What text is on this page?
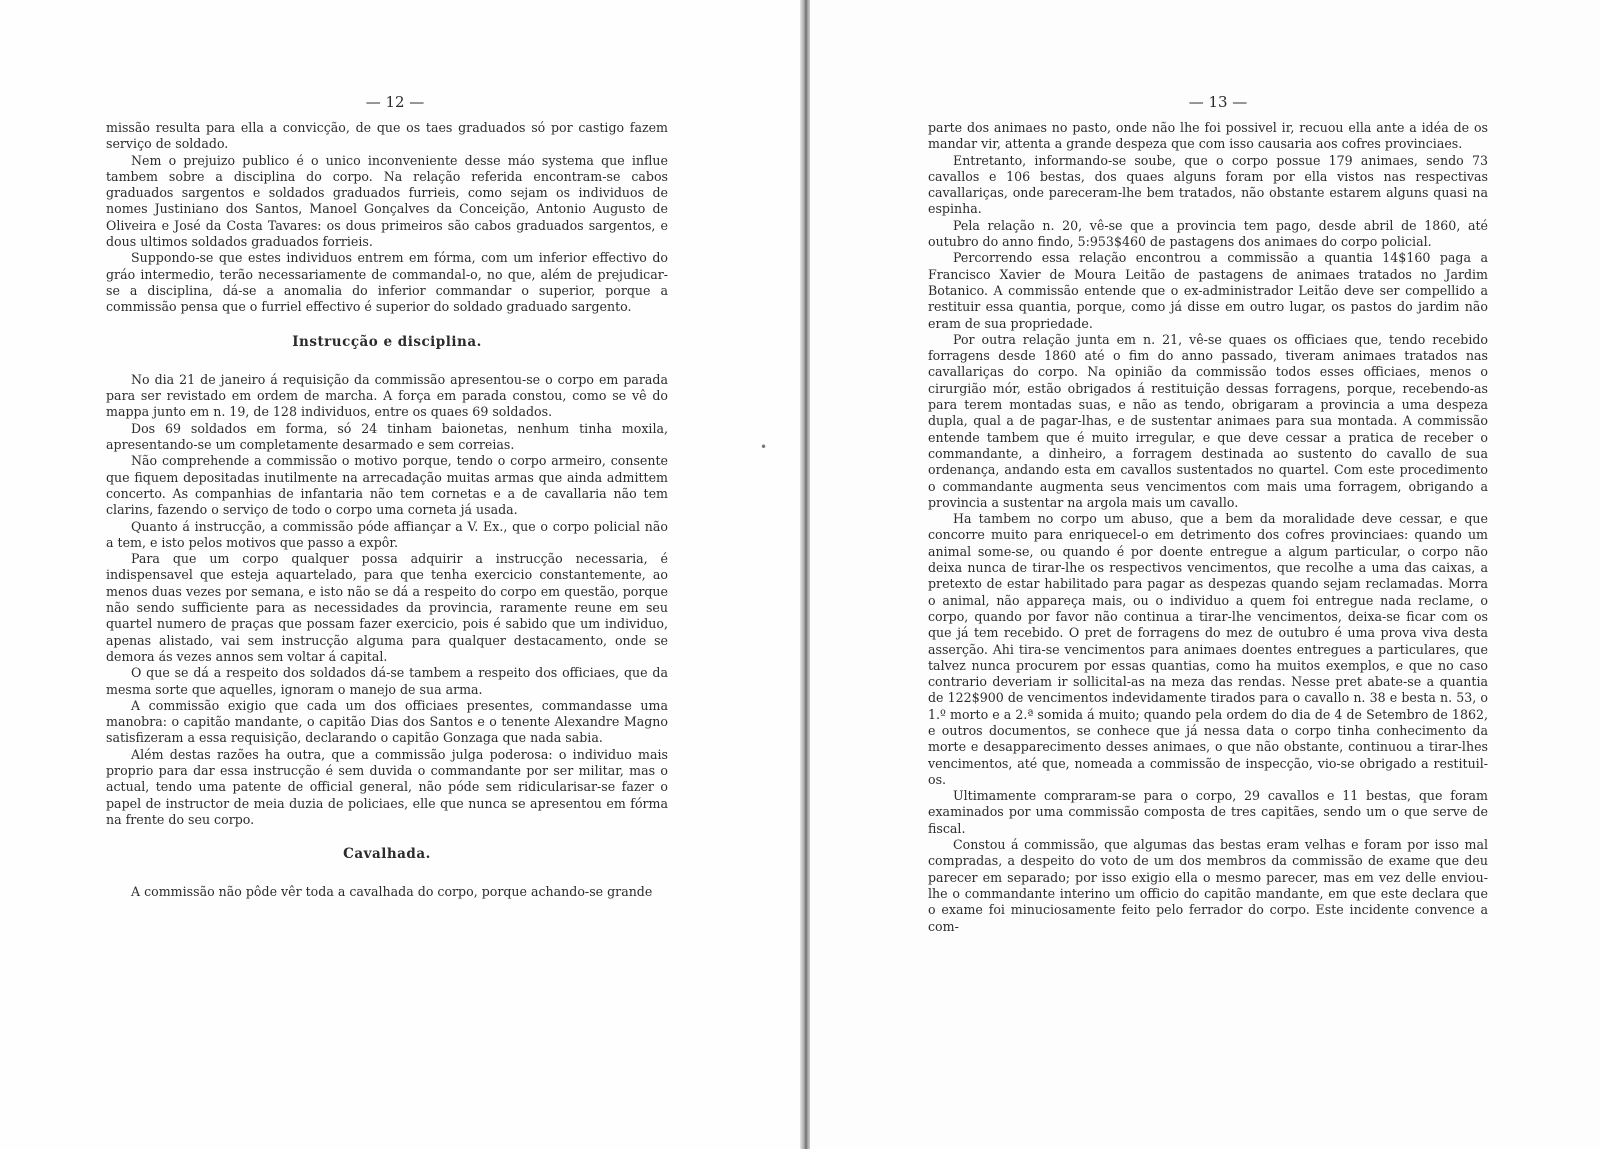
— 12 —

missão resulta para ella a convicção, de que os taes graduados só por castigo fazem serviço de soldado.

Nem o prejuizo publico é o unico inconveniente desse máo systema que influe tambem sobre a disciplina do corpo. Na relação referida encontram-se cabos graduados sargentos e soldados graduados furrieis, como sejam os individuos de nomes Justiniano dos Santos, Manoel Gonçalves da Conceição, Antonio Augusto de Oliveira e José da Costa Tavares: os dous primeiros são cabos graduados sargentos, e dous ultimos soldados graduados forrieis.

Suppondo-se que estes individuos entrem em fórma, com um inferior effectivo do gráo intermedio, terão necessariamente de commandal-o, no que, além de prejudicar-se a disciplina, dá-se a anomalia do inferior commandar o superior, porque a commissão pensa que o furriel effectivo é superior do soldado graduado sargento.

Instrucção e disciplina.

No dia 21 de janeiro á requisição da commissão apresentou-se o corpo em parada para ser revistado em ordem de marcha. A força em parada constou, como se vê do mappa junto em n. 19, de 128 individuos, entre os quaes 69 soldados.

Dos 69 soldados em forma, só 24 tinham baionetas, nenhum tinha moxila, apresentando-se um completamente desarmado e sem correias.

Não comprehende a commissão o motivo porque, tendo o corpo armeiro, consente que fiquem depositadas inutilmente na arrecadação muitas armas que ainda admittem concerto. As companhias de infantaria não tem cornetas e a de cavallaria não tem clarins, fazendo o serviço de todo o corpo uma corneta já usada.

Quanto á instrucção, a commissão póde affiançar a V. Ex., que o corpo policial não a tem, e isto pelos motivos que passo a expôr.

Para que um corpo qualquer possa adquirir a instrucção necessaria, é indispensavel que esteja aquartelado, para que tenha exercicio constantemente, ao menos duas vezes por semana, e isto não se dá a respeito do corpo em questão, porque não sendo sufficiente para as necessidades da provincia, raramente reune em seu quartel numero de praças que possam fazer exercicio, pois é sabido que um individuo, apenas alistado, vai sem instrucção alguma para qualquer destacamento, onde se demora ás vezes annos sem voltar á capital.

O que se dá a respeito dos soldados dá-se tambem a respeito dos officiaes, que da mesma sorte que aquelles, ignoram o manejo de sua arma.

A commissão exigio que cada um dos officiaes presentes, commandasse uma manobra: o capitão mandante, o capitão Dias dos Santos e o tenente Alexandre Magno satisfizeram a essa requisição, declarando o capitão Gonzaga que nada sabia.

Além destas razões ha outra, que a commissão julga poderosa: o individuo mais proprio para dar essa instrucção é sem duvida o commandante por ser militar, mas o actual, tendo uma patente de official general, não póde sem ridicularisar-se fazer o papel de instructor de meia duzia de policiaes, elle que nunca se apresentou em fórma na frente do seu corpo.

Cavalhada.

A commissão não pôde vêr toda a cavalhada do corpo, porque achando-se grande

•
— 13 —

parte dos animaes no pasto, onde não lhe foi possivel ir, recuou ella ante a idéa de os mandar vir, attenta a grande despeza que com isso causaria aos cofres provinciaes.

Entretanto, informando-se soube, que o corpo possue 179 animaes, sendo 73 cavallos e 106 bestas, dos quaes alguns foram por ella vistos nas respectivas cavallariças, onde pareceram-lhe bem tratados, não obstante estarem alguns quasi na espinha.

Pela relação n. 20, vê-se que a provincia tem pago, desde abril de 1860, até outubro do anno findo, 5:953$460 de pastagens dos animaes do corpo policial.

Percorrendo essa relação encontrou a commissão a quantia 14$160 paga a Francisco Xavier de Moura Leitão de pastagens de animaes tratados no Jardim Botanico. A commissão entende que o ex-administrador Leitão deve ser compellido a restituir essa quantia, porque, como já disse em outro lugar, os pastos do jardim não eram de sua propriedade.

Por outra relação junta em n. 21, vê-se quaes os officiaes que, tendo recebido forragens desde 1860 até o fim do anno passado, tiveram animaes tratados nas cavallariças do corpo. Na opinião da commissão todos esses officiaes, menos o cirurgião mór, estão obrigados á restituição dessas forragens, porque, recebendo-as para terem montadas suas, e não as tendo, obrigaram a provincia a uma despeza dupla, qual a de pagar-lhas, e de sustentar animaes para sua montada. A commissão entende tambem que é muito irregular, e que deve cessar a pratica de receber o commandante, a dinheiro, a forragem destinada ao sustento do cavallo de sua ordenança, andando esta em cavallos sustentados no quartel. Com este procedimento o commandante augmenta seus vencimentos com mais uma forragem, obrigando a provincia a sustentar na argola mais um cavallo.

Ha tambem no corpo um abuso, que a bem da moralidade deve cessar, e que concorre muito para enriquecel-o em detrimento dos cofres provinciaes: quando um animal some-se, ou quando é por doente entregue a algum particular, o corpo não deixa nunca de tirar-lhe os respectivos vencimentos, que recolhe a uma das caixas, a pretexto de estar habilitado para pagar as despezas quando sejam reclamadas. Morra o animal, não appareça mais, ou o individuo a quem foi entregue nada reclame, o corpo, quando por favor não continua a tirar-lhe vencimentos, deixa-se ficar com os que já tem recebido. O pret de forragens do mez de outubro é uma prova viva desta asserção. Ahi tira-se vencimentos para animaes doentes entregues a particulares, que talvez nunca procurem por essas quantias, como ha muitos exemplos, e que no caso contrario deveriam ir sollicital-as na meza das rendas. Nesse pret abate-se a quantia de 122$900 de vencimentos indevidamente tirados para o cavallo n. 38 e besta n. 53, o 1.º morto e a 2.ª somida á muito; quando pela ordem do dia de 4 de Setembro de 1862, e outros documentos, se conhece que já nessa data o corpo tinha conhecimento da morte e desapparecimento desses animaes, o que não obstante, continuou a tirar-lhes vencimentos, até que, nomeada a commissão de inspecção, vio-se obrigado a restituil-os.

Ultimamente compraram-se para o corpo, 29 cavallos e 11 bestas, que foram examinados por uma commissão composta de tres capitães, sendo um o que serve de fiscal.

Constou á commissão, que algumas das bestas eram velhas e foram por isso mal compradas, a despeito do voto de um dos membros da commissão de exame que deu parecer em separado; por isso exigio ella o mesmo parecer, mas em vez delle enviou-lhe o commandante interino um officio do capitão mandante, em que este declara que o exame foi minuciosamente feito pelo ferrador do corpo. Este incidente convence a com-
